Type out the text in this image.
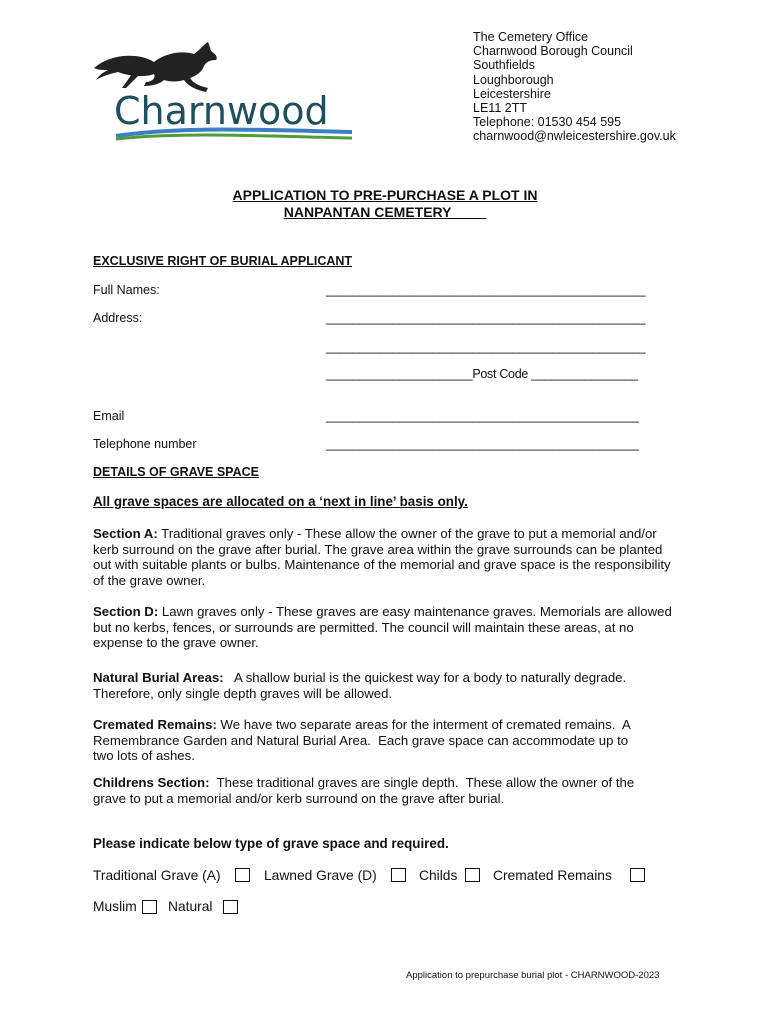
Charnwood
The Cemetery Office
Charnwood Borough Council
Southfields
Loughborough
Leicestershire
LE11 2TT
Telephone: 01530 454 595
charnwood@nwleicestershire.gov.uk
APPLICATION TO PRE-PURCHASE A PLOT IN
NANPANTAN CEMETERY
EXCLUSIVE RIGHT OF BURIAL APPLICANT
Full Names:	________________________________________________
Address:	________________________________________________
________________________________________________
______________________Post Code ________________
Email	_______________________________________________
Telephone number	_______________________________________________
DETAILS OF GRAVE SPACE
All grave spaces are allocated on a ‘next in line’ basis only.
Section A: Traditional graves only - These allow the owner of the grave to put a memorial and/or kerb surround on the grave after burial. The grave area within the grave surrounds can be planted out with suitable plants or bulbs. Maintenance of the memorial and grave space is the responsibility of the grave owner.
Section D: Lawn graves only - These graves are easy maintenance graves. Memorials are allowed but no kerbs, fences, or surrounds are permitted. The council will maintain these areas, at no expense to the grave owner.
Natural Burial Areas:   A shallow burial is the quickest way for a body to naturally degrade. Therefore, only single depth graves will be allowed.
Cremated Remains: We have two separate areas for the interment of cremated remains.  A Remembrance Garden and Natural Burial Area.  Each grave space can accommodate up to two lots of ashes.
Childrens Section:  These traditional graves are single depth.  These allow the owner of the grave to put a memorial and/or kerb surround on the grave after burial.
Please indicate below type of grave space and required.
Traditional Grave (A)	Lawned Grave (D)	Childs	Cremated Remains
Muslim Natural
Application to prepurchase burial plot - CHARNWOOD-2023
